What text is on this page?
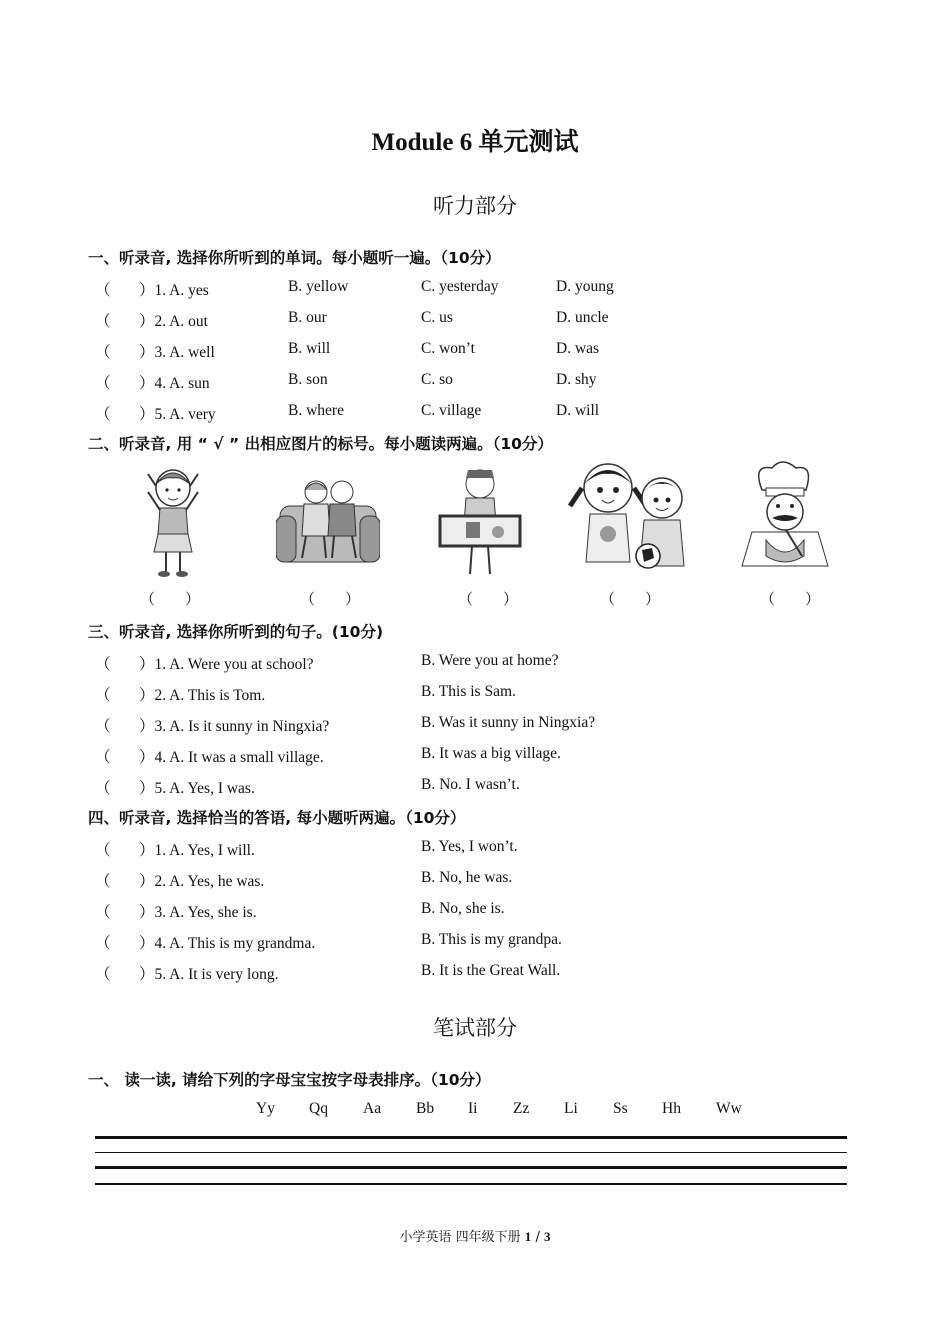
Module 6 单元测试
听力部分
一、听录音, 选择你所听到的单词。每小题听一遍。（10分）
（ ）1. A. yes	B. yellow	C. yesterday	D. young
（ ）2. A. out	B. our	C. us	D. uncle
（ ）3. A. well	B. will	C. won’t	D. was
（ ）4. A. sun	B. son	C. so	D. shy
（ ）5. A. very	B. where	C. village	D. will
二、听录音, 用 “ √ ” 出相应图片的标号。每小题读两遍。（10分）
（　　）	（　　）	（　　）	（　　）	（　　）
三、听录音, 选择你所听到的句子。(10分)
（ ）1. A. Were you at school?	B. Were you at home?
（ ）2. A. This is Tom.	B. This is Sam.
（ ）3. A. Is it sunny in Ningxia?	B. Was it sunny in Ningxia?
（ ）4. A. It was a small village.	B. It was a big village.
（ ）5. A. Yes, I was.	B. No. I wasn’t.
四、听录音, 选择恰当的答语, 每小题听两遍。（10分）
（ ）1. A. Yes, I will.	B. Yes, I won’t.
（ ）2. A. Yes, he was.	B. No, he was.
（ ）3. A. Yes, she is.	B. No, she is.
（ ）4. A. This is my grandma.	B. This is my grandpa.
（ ）5. A. It is very long.	B. It is the Great Wall.
笔试部分
一、 读一读, 请给下列的字母宝宝按字母表排序。（10分）
Yy Qq Aa Bb Ii Zz Li Ss Hh Ww
小学英语 四年级下册 1 / 3
